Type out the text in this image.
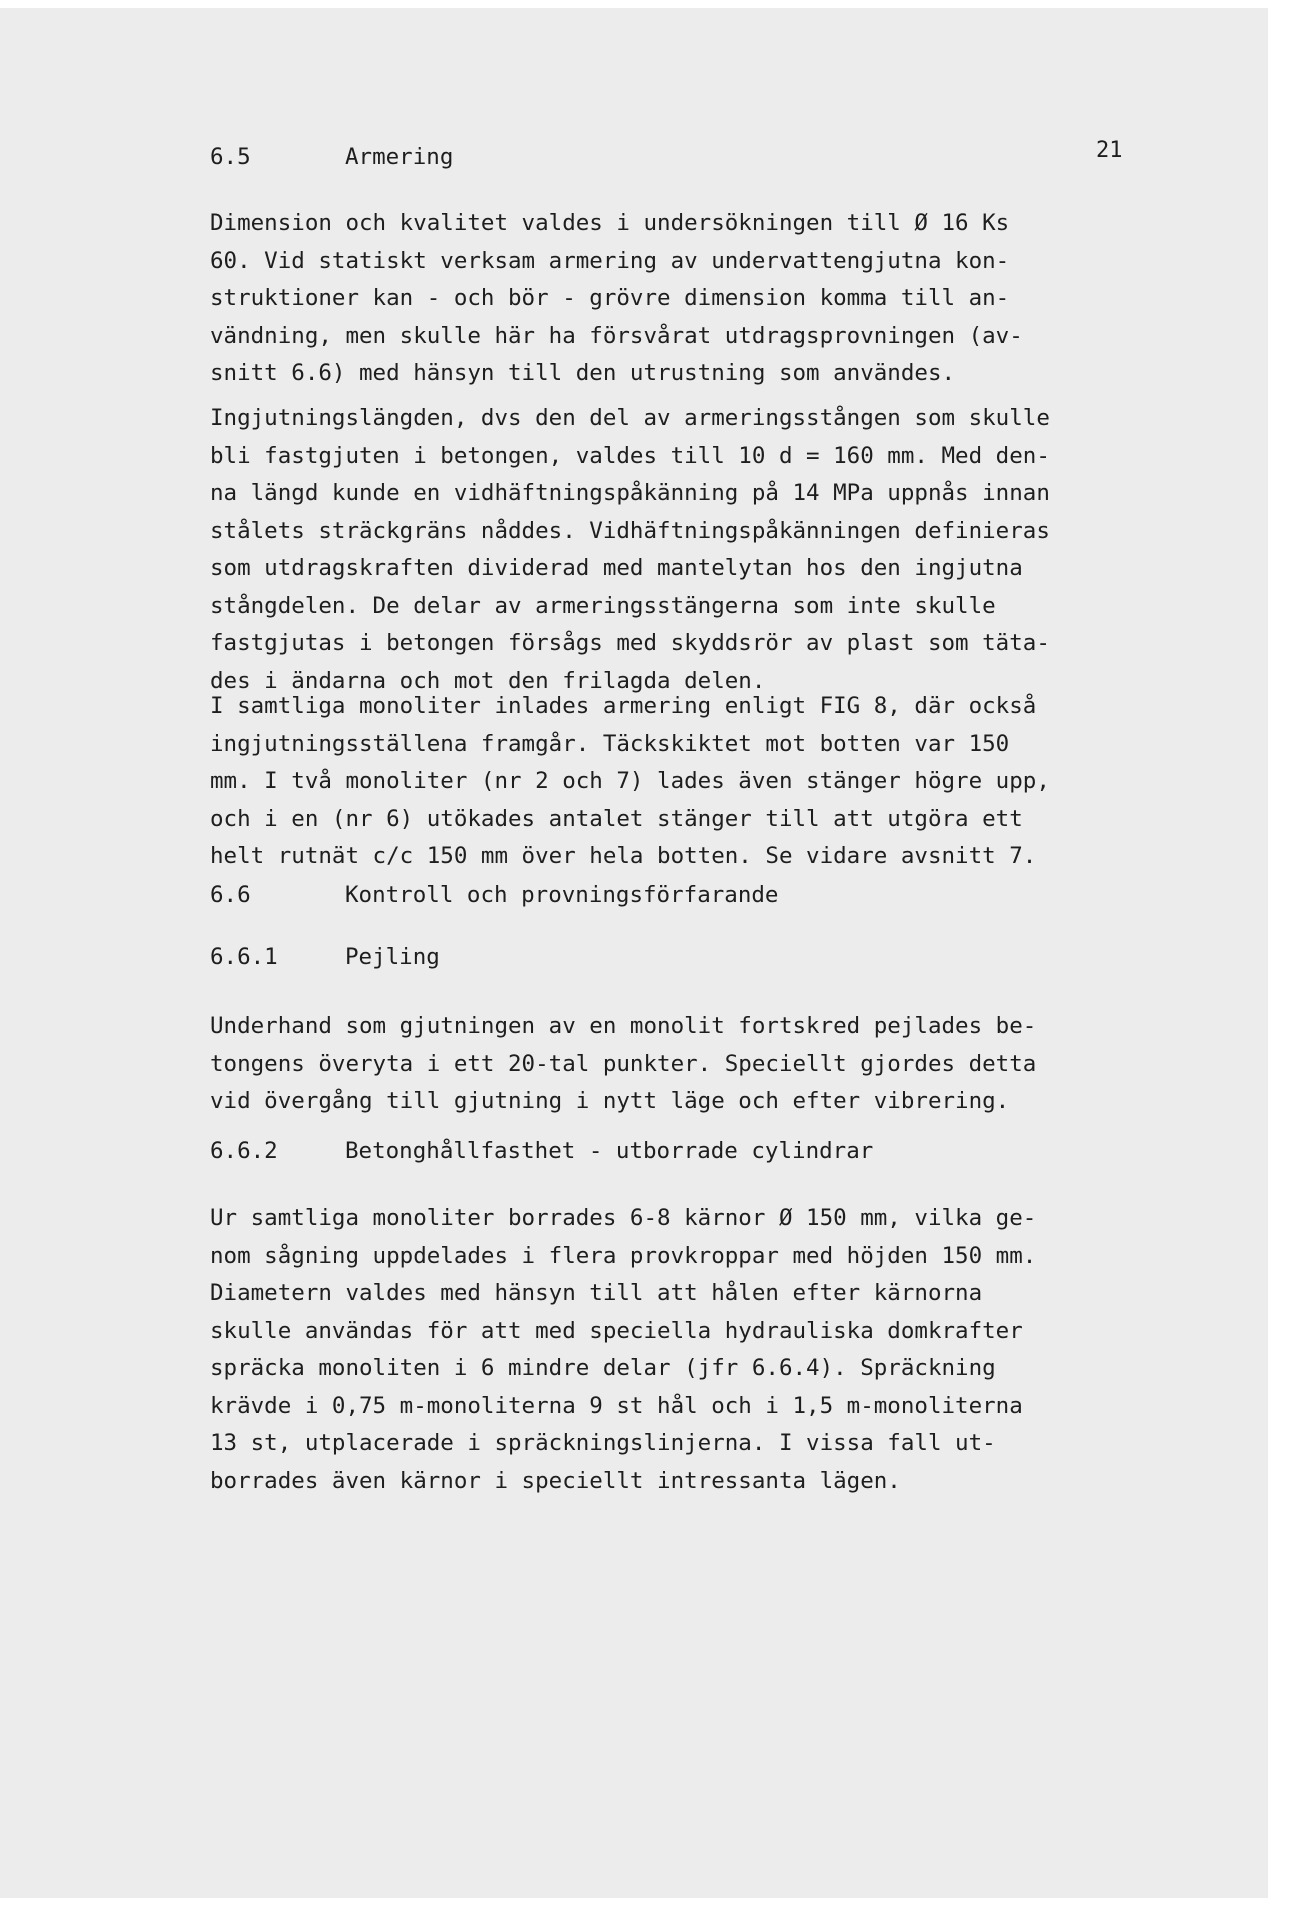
21
6.5	Armering
Dimension och kvalitet valdes i undersökningen till Ø 16 Ks
60. Vid statiskt verksam armering av undervattengjutna kon-
struktioner kan - och bör - grövre dimension komma till an-
vändning, men skulle här ha försvårat utdragsprovningen (av-
snitt 6.6) med hänsyn till den utrustning som användes.
Ingjutningslängden, dvs den del av armeringsstången som skulle
bli fastgjuten i betongen, valdes till 10 d = 160 mm. Med den-
na längd kunde en vidhäftningspåkänning på 14 MPa uppnås innan
stålets sträckgräns nåddes. Vidhäftningspåkänningen definieras
som utdragskraften dividerad med mantelytan hos den ingjutna
stångdelen. De delar av armeringsstängerna som inte skulle
fastgjutas i betongen försågs med skyddsrör av plast som täta-
des i ändarna och mot den frilagda delen.
I samtliga monoliter inlades armering enligt FIG 8, där också
ingjutningsställena framgår. Täckskiktet mot botten var 150
mm. I två monoliter (nr 2 och 7) lades även stänger högre upp,
och i en (nr 6) utökades antalet stänger till att utgöra ett
helt rutnät c/c 150 mm över hela botten. Se vidare avsnitt 7.
6.6	Kontroll och provningsförfarande
6.6.1	Pejling
Underhand som gjutningen av en monolit fortskred pejlades be-
tongens överyta i ett 20-tal punkter. Speciellt gjordes detta
vid övergång till gjutning i nytt läge och efter vibrering.
6.6.2	Betonghållfasthet - utborrade cylindrar
Ur samtliga monoliter borrades 6-8 kärnor Ø 150 mm, vilka ge-
nom sågning uppdelades i flera provkroppar med höjden 150 mm.
Diametern valdes med hänsyn till att hålen efter kärnorna
skulle användas för att med speciella hydrauliska domkrafter
spräcka monoliten i 6 mindre delar (jfr 6.6.4). Spräckning
krävde i 0,75 m-monoliterna 9 st hål och i 1,5 m-monoliterna
13 st, utplacerade i spräckningslinjerna. I vissa fall ut-
borrades även kärnor i speciellt intressanta lägen.
